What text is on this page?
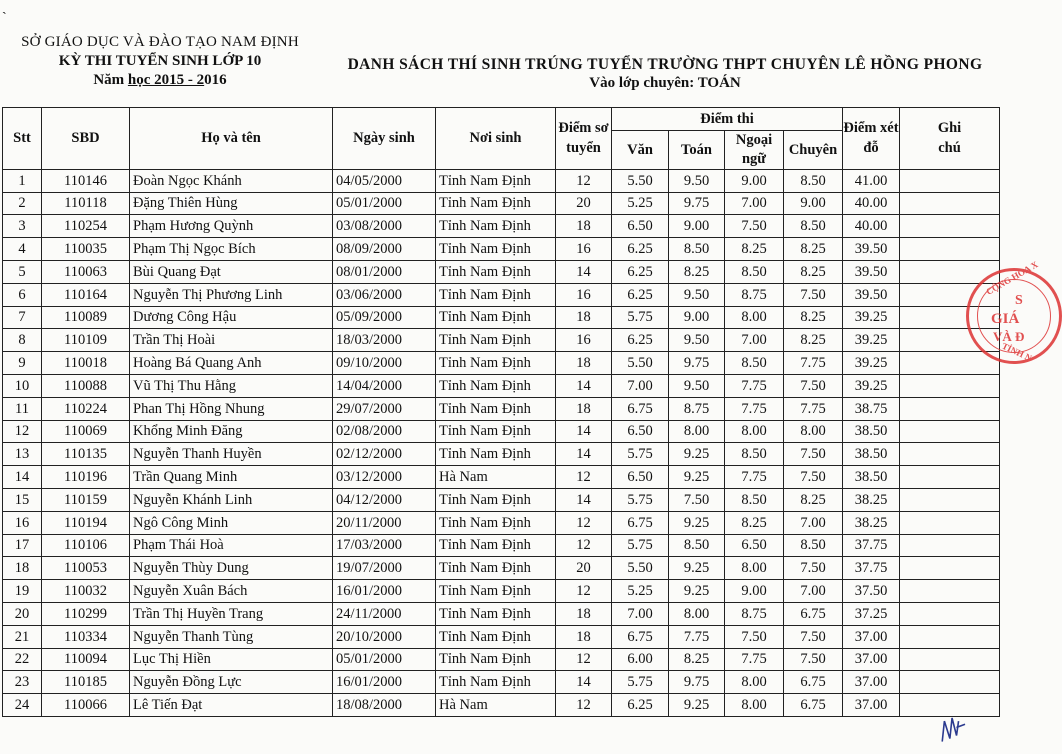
ˏ
SỞ GIÁO DỤC VÀ ĐÀO TẠO NAM ĐỊNH
KỲ THI TUYỂN SINH LỚP 10
Năm học 2015 - 2016
DANH SÁCH THÍ SINH TRÚNG TUYỂN TRƯỜNG THPT CHUYÊN LÊ HỒNG PHONG
Vào lớp chuyên: TOÁN
Stt	SBD	Họ và tên	Ngày sinh	Nơi sinh	Điểm sơ tuyển	Điểm thi				Điểm xét đỗ	Ghi chú
						Văn	Toán	Ngoại ngữ	Chuyên		
1	110146	Đoàn Ngọc Khánh	04/05/2000	Tỉnh Nam Định	12	5.50	9.50	9.00	8.50	41.00	
2	110118	Đặng Thiên Hùng	05/01/2000	Tỉnh Nam Định	20	5.25	9.75	7.00	9.00	40.00	
3	110254	Phạm Hương Quỳnh	03/08/2000	Tỉnh Nam Định	18	6.50	9.00	7.50	8.50	40.00	
4	110035	Phạm Thị Ngọc Bích	08/09/2000	Tỉnh Nam Định	16	6.25	8.50	8.25	8.25	39.50	
5	110063	Bùi Quang Đạt	08/01/2000	Tỉnh Nam Định	14	6.25	8.25	8.50	8.25	39.50	
6	110164	Nguyễn Thị Phương Linh	03/06/2000	Tỉnh Nam Định	16	6.25	9.50	8.75	7.50	39.50	
7	110089	Dương Công Hậu	05/09/2000	Tỉnh Nam Định	18	5.75	9.00	8.00	8.25	39.25	
8	110109	Trần Thị Hoài	18/03/2000	Tỉnh Nam Định	16	6.25	9.50	7.00	8.25	39.25	
9	110018	Hoàng Bá Quang Anh	09/10/2000	Tỉnh Nam Định	18	5.50	9.75	8.50	7.75	39.25	
10	110088	Vũ Thị Thu Hằng	14/04/2000	Tỉnh Nam Định	14	7.00	9.50	7.75	7.50	39.25	
11	110224	Phan Thị Hồng Nhung	29/07/2000	Tỉnh Nam Định	18	6.75	8.75	7.75	7.75	38.75	
12	110069	Khổng Minh Đăng	02/08/2000	Tỉnh Nam Định	14	6.50	8.00	8.00	8.00	38.50	
13	110135	Nguyễn Thanh Huyền	02/12/2000	Tỉnh Nam Định	14	5.75	9.25	8.50	7.50	38.50	
14	110196	Trần Quang Minh	03/12/2000	Hà Nam	12	6.50	9.25	7.75	7.50	38.50	
15	110159	Nguyễn Khánh Linh	04/12/2000	Tỉnh Nam Định	14	5.75	7.50	8.50	8.25	38.25	
16	110194	Ngô Công Minh	20/11/2000	Tỉnh Nam Định	12	6.75	9.25	8.25	7.00	38.25	
17	110106	Phạm Thái Hoà	17/03/2000	Tỉnh Nam Định	12	5.75	8.50	6.50	8.50	37.75	
18	110053	Nguyễn Thùy Dung	19/07/2000	Tỉnh Nam Định	20	5.50	9.25	8.00	7.50	37.75	
19	110032	Nguyễn Xuân Bách	16/01/2000	Tỉnh Nam Định	12	5.25	9.25	9.00	7.00	37.50	
20	110299	Trần Thị Huyền Trang	24/11/2000	Tỉnh Nam Định	18	7.00	8.00	8.75	6.75	37.25	
21	110334	Nguyễn Thanh Tùng	20/10/2000	Tỉnh Nam Định	18	6.75	7.75	7.50	7.50	37.00	
22	110094	Lục Thị Hiền	05/01/2000	Tỉnh Nam Định	12	6.00	8.25	7.75	7.50	37.00	
23	110185	Nguyễn Đồng Lực	16/01/2000	Tỉnh Nam Định	14	5.75	9.75	8.00	6.75	37.00	
24	110066	Lê Tiến Đạt	18/08/2000	Hà Nam	12	6.25	9.25	8.00	6.75	37.00	
CỘNG HÒA X
S
GIÁ
VÀ Đ
TỈNH N
